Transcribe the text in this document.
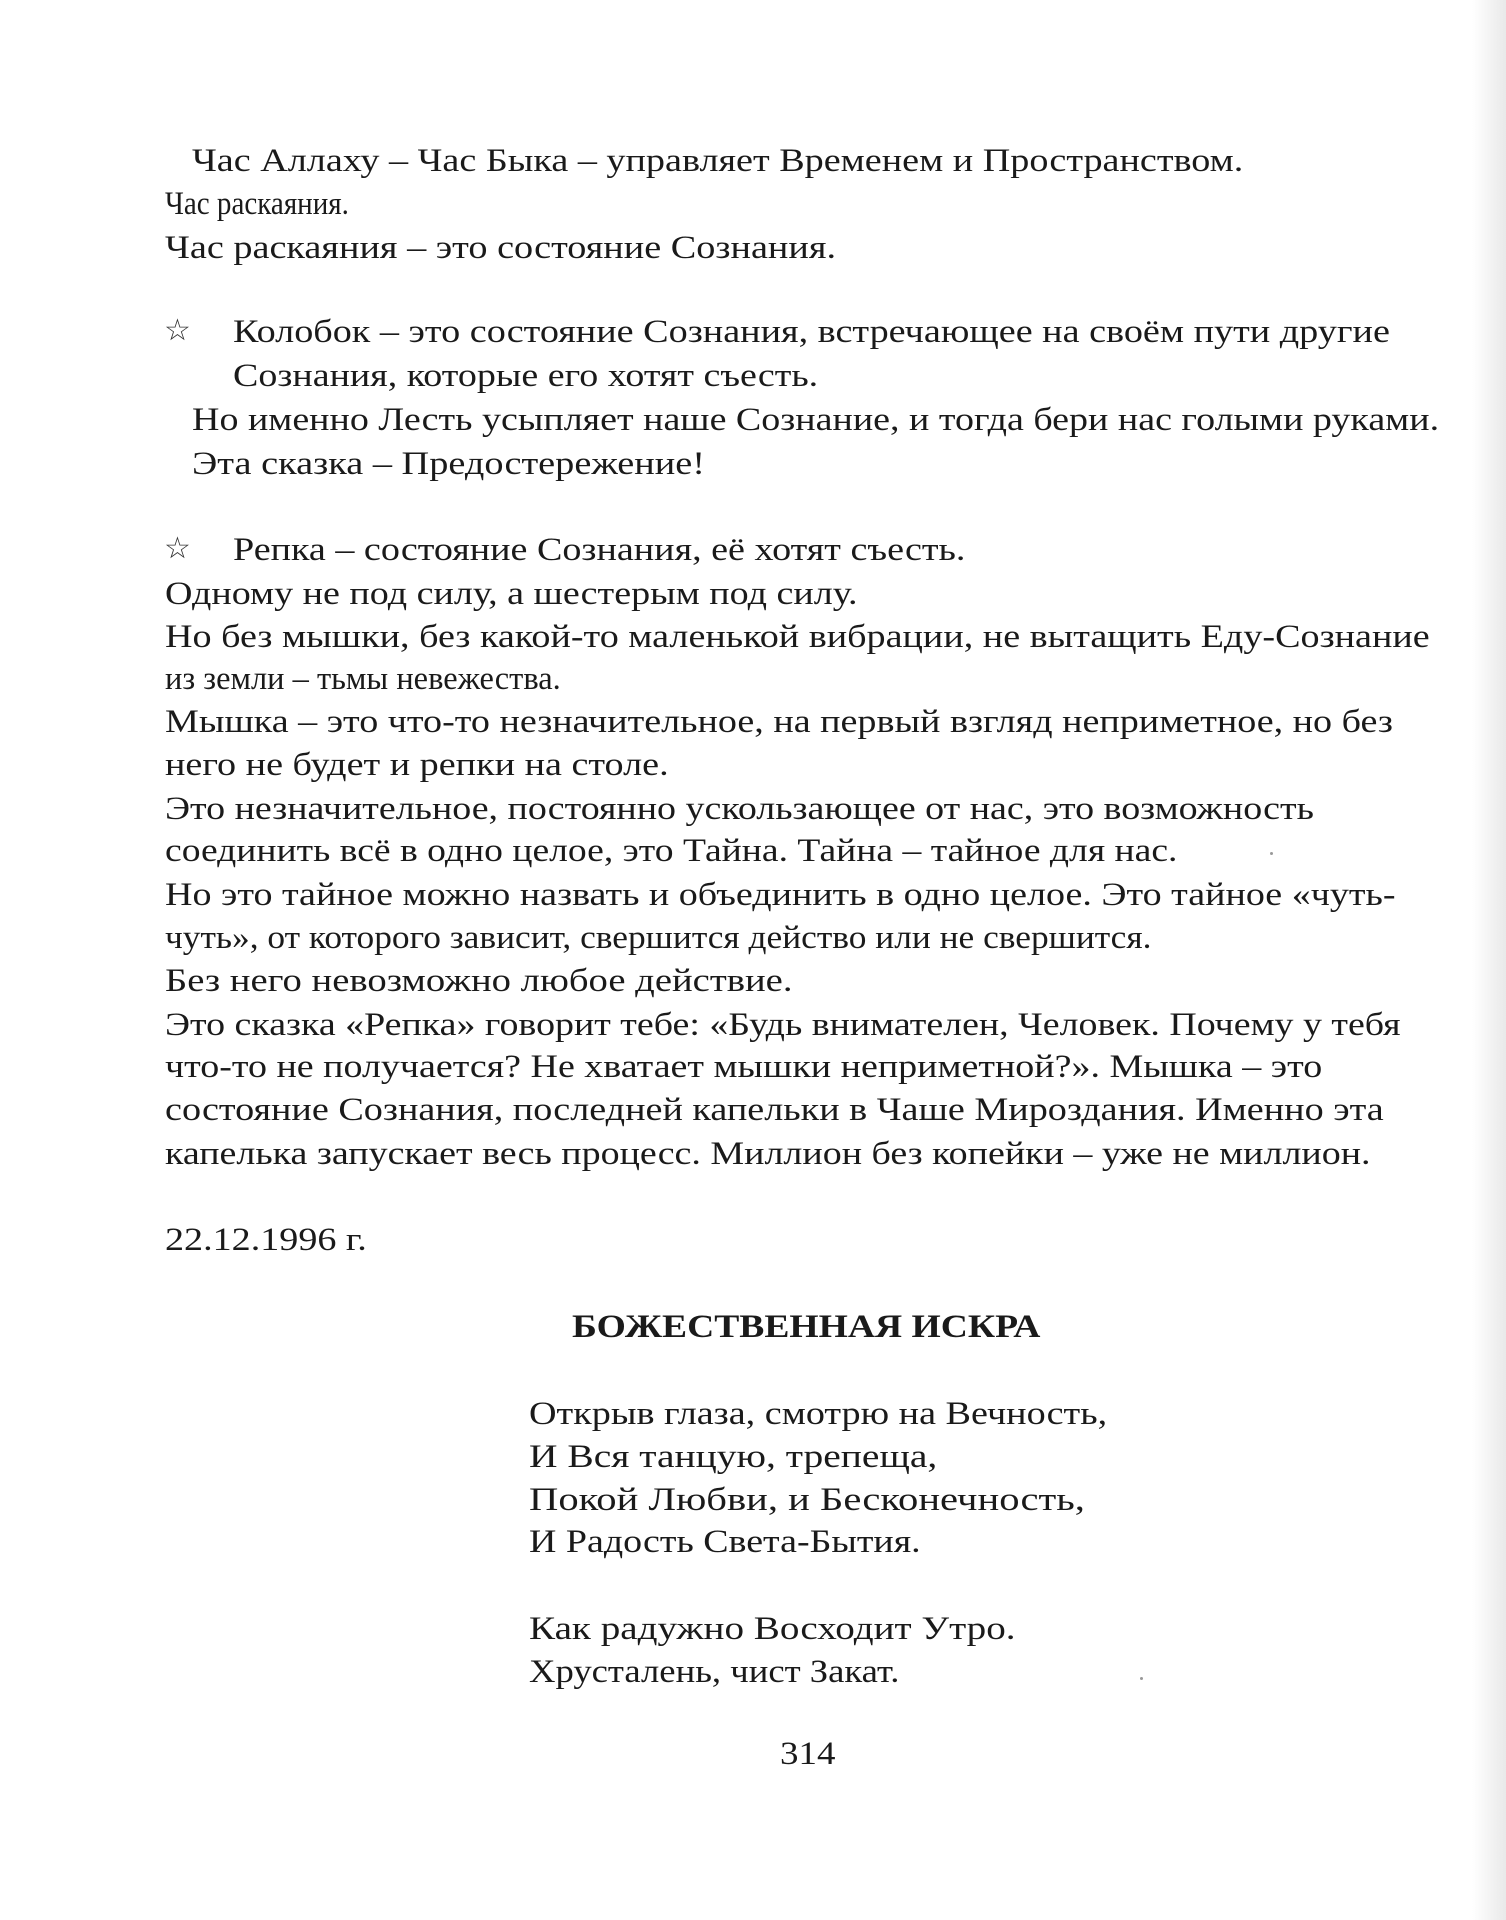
Час Аллаху – Час Быка – управляет Временем и Пространством.
Час раскаяния.
Час раскаяния – это состояние Сознания.
☆ Колобок – это состояние Сознания, встречающее на своём пути другие
Сознания, которые его хотят съесть.
Но именно Лесть усыпляет наше Сознание, и тогда бери нас голыми руками.
Эта сказка – Предостережение!
☆ Репка – состояние Сознания, её хотят съесть.
Одному не под силу, а шестерым под силу.
Но без мышки, без какой-то маленькой вибрации, не вытащить Еду-Сознание
из земли – тьмы невежества.
Мышка – это что-то незначительное, на первый взгляд неприметное, но без
него не будет и репки на столе.
Это незначительное, постоянно ускользающее от нас, это возможность
соединить всё в одно целое, это Тайна. Тайна – тайное для нас.
Но это тайное можно назвать и объединить в одно целое. Это тайное «чуть-
чуть», от которого зависит, свершится действо или не свершится.
Без него невозможно любое действие.
Это сказка «Репка» говорит тебе: «Будь внимателен, Человек. Почему у тебя
что-то не получается? Не хватает мышки неприметной?». Мышка – это
состояние Сознания, последней капельки в Чаше Мироздания. Именно эта
капелька запускает весь процесс. Миллион без копейки – уже не миллион.
22.12.1996 г.
БОЖЕСТВЕННАЯ ИСКРА
Открыв глаза, смотрю на Вечность,
И Вся танцую, трепеща,
Покой Любви, и Бесконечность,
И Радость Света-Бытия.
Как радужно Восходит Утро.
Хрусталень, чист Закат.
314
